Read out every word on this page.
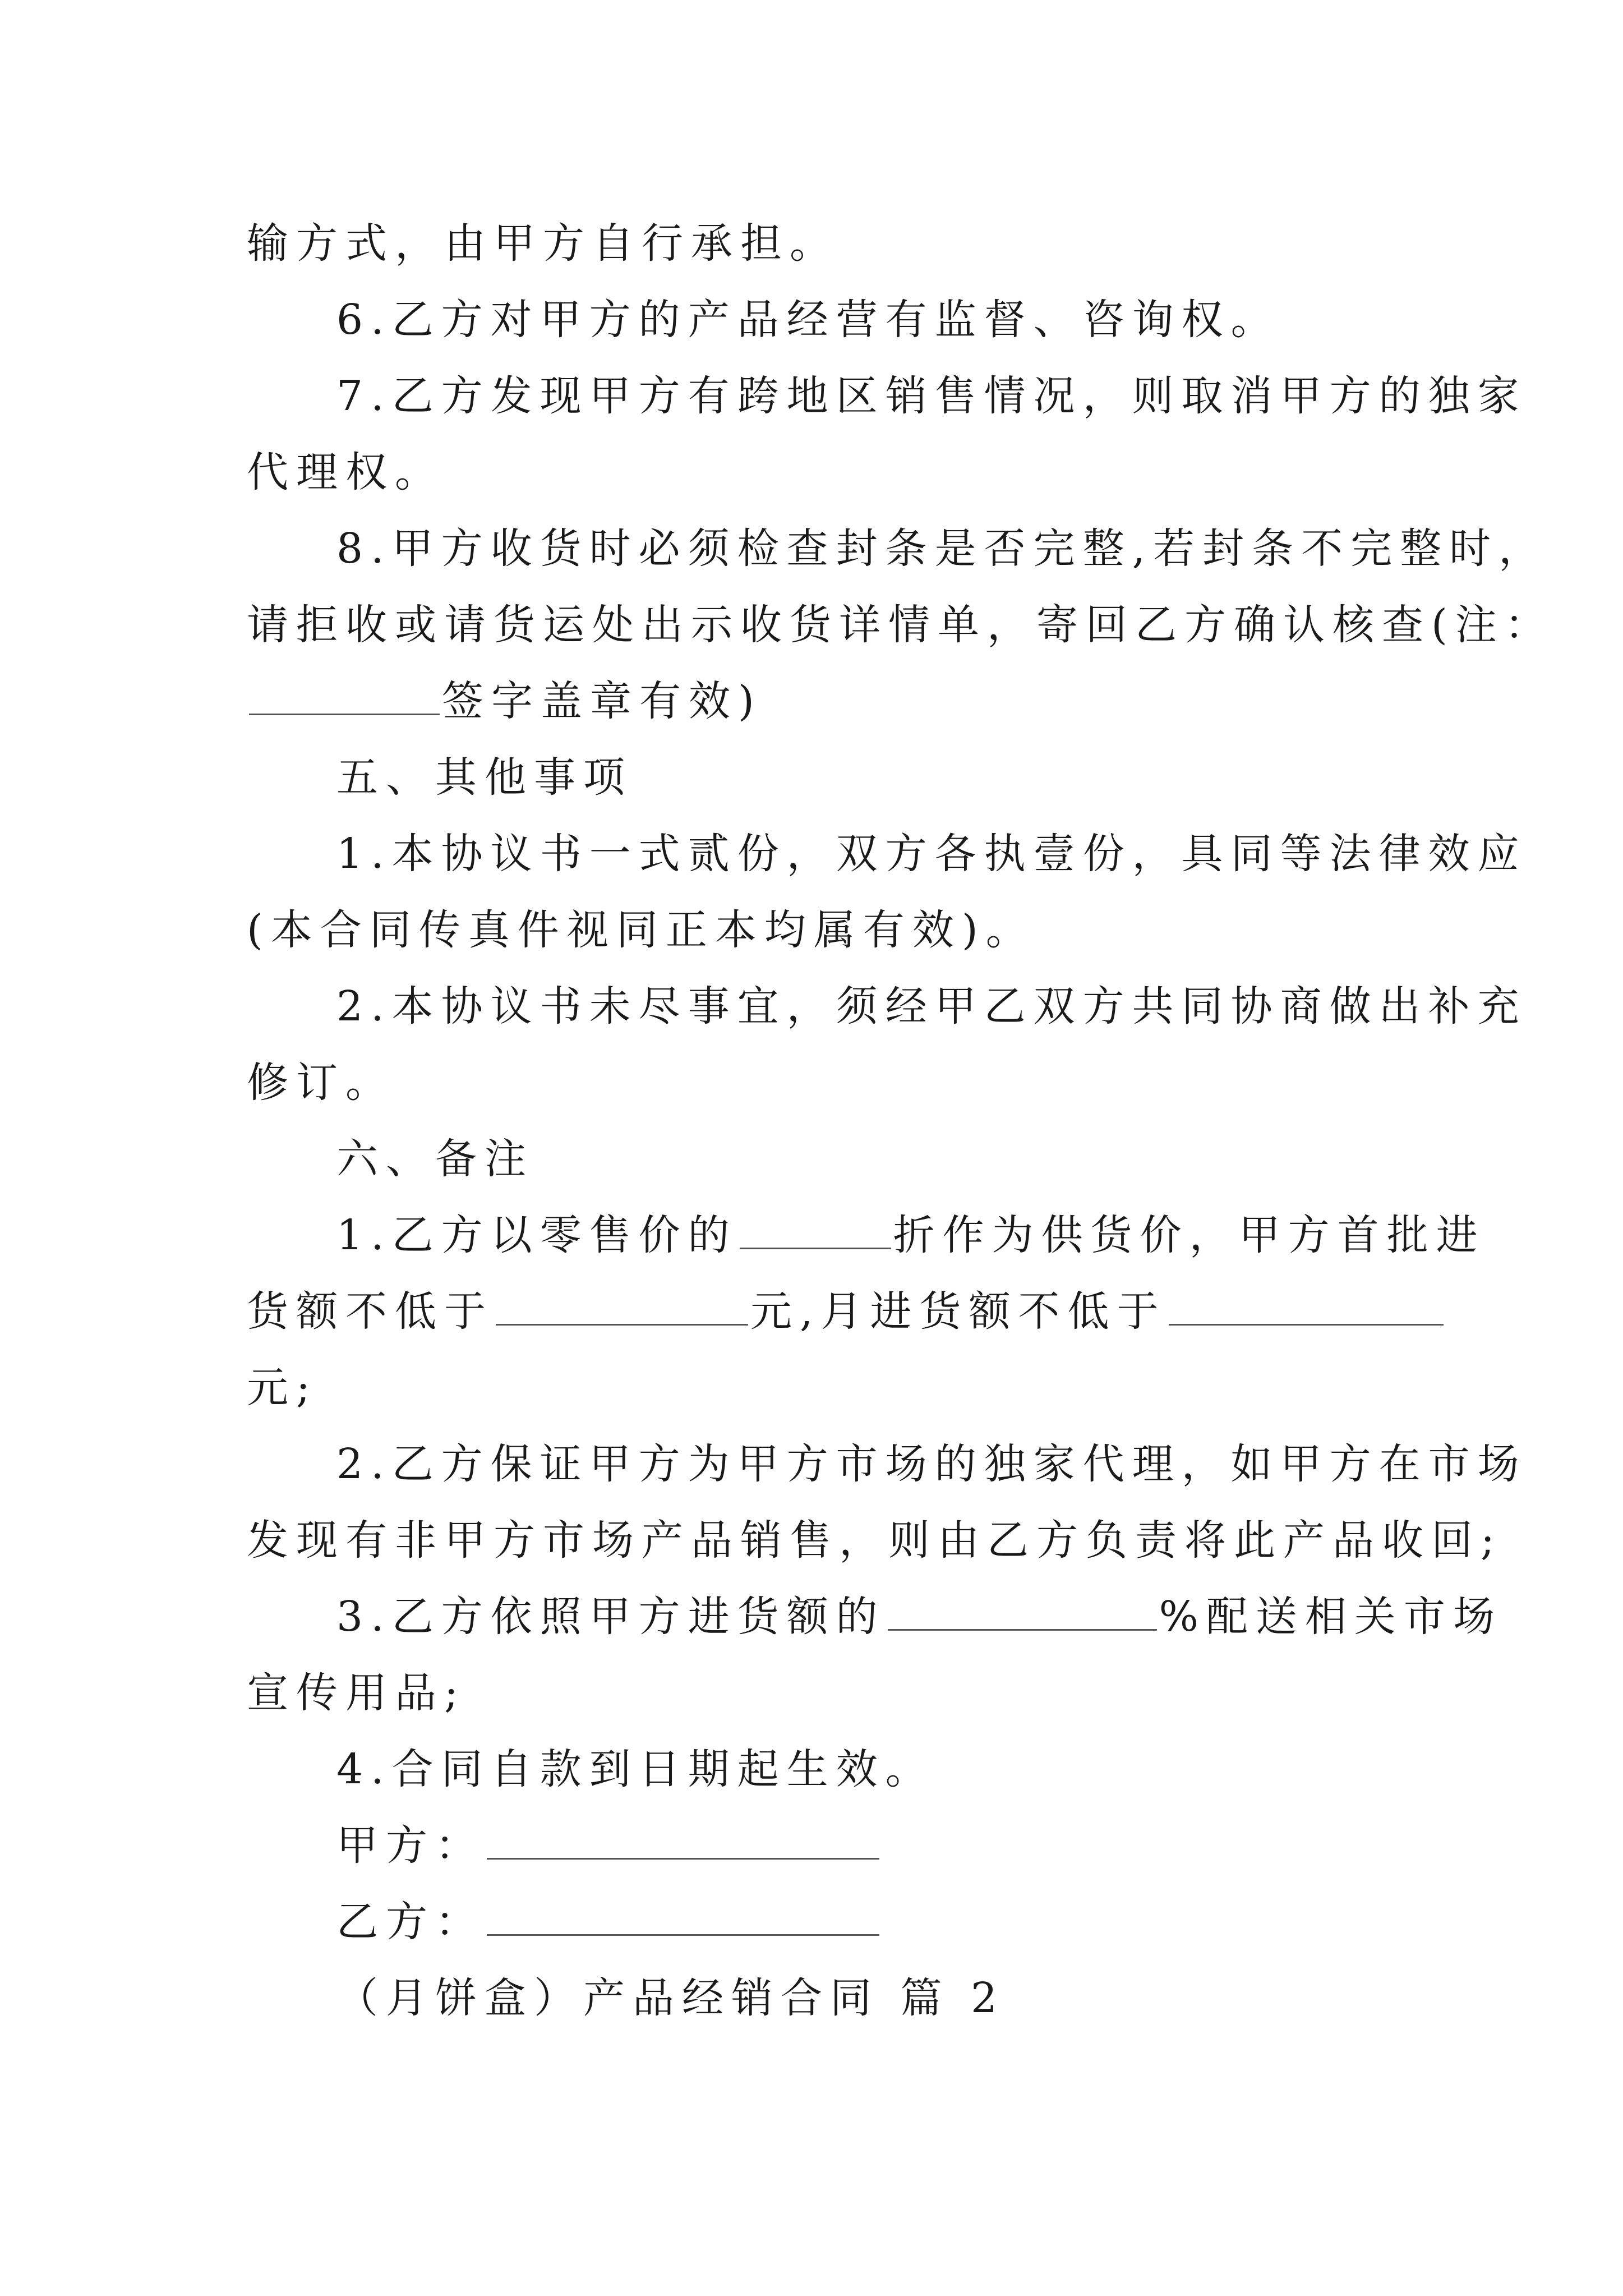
输方式，由甲方自行承担。
6.乙方对甲方的产品经营有监督、咨询权。
7.乙方发现甲方有跨地区销售情况，则取消甲方的独家
代理权。
8.甲方收货时必须检查封条是否完整,若封条不完整时，
请拒收或请货运处出示收货详情单，寄回乙方确认核查(注：
签字盖章有效)
五、其他事项
1.本协议书一式贰份，双方各执壹份，具同等法律效应
(本合同传真件视同正本均属有效)。
2.本协议书未尽事宜，须经甲乙双方共同协商做出补充
修订。
六、备注
1.乙方以零售价的	折作为供货价，甲方首批进
货额不低于	元,月进货额不低于
元;
2.乙方保证甲方为甲方市场的独家代理，如甲方在市场
发现有非甲方市场产品销售，则由乙方负责将此产品收回;
3.乙方依照甲方进货额的	%配送相关市场
宣传用品;
4.合同自款到日期起生效。
甲方：
乙方：
（月饼盒）产品经销合同 篇 2
